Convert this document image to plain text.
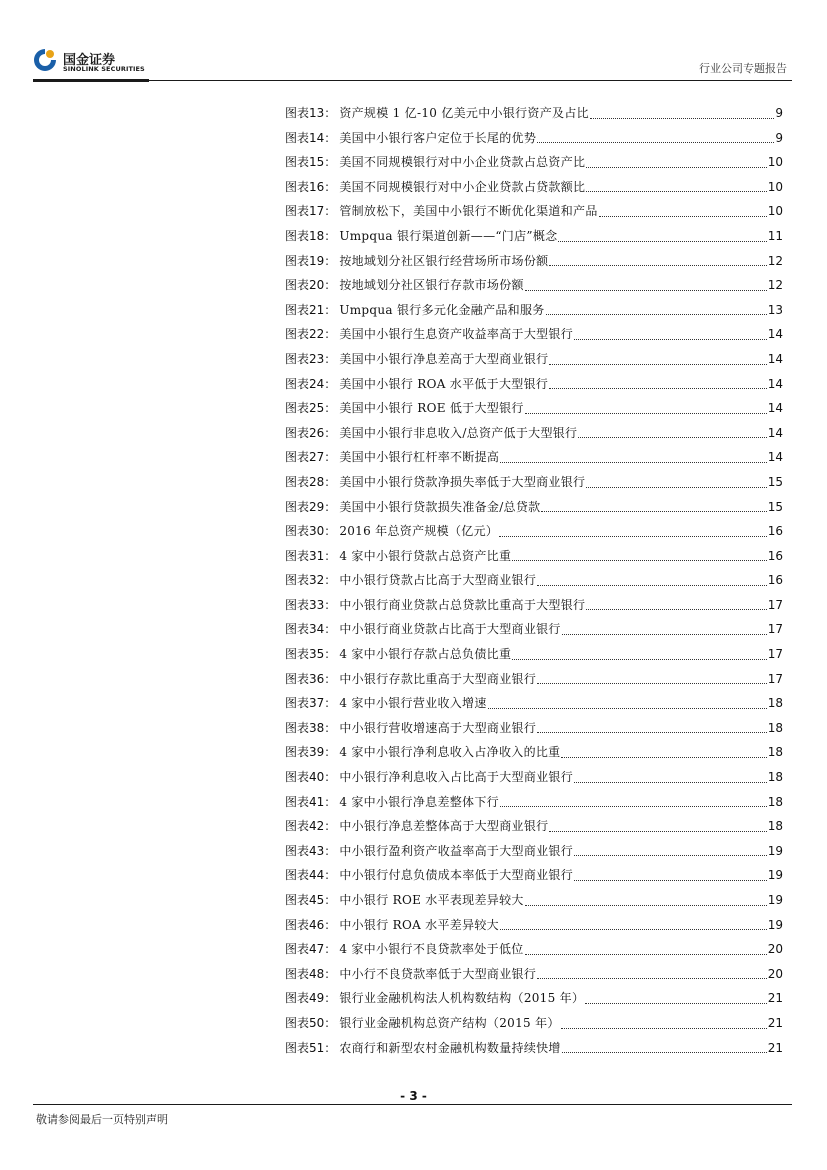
国金证券
SINOLINK SECURITIES	行业公司专题报告
图表 13 ： 资产规模 1 亿-10 亿美元中小银行资产及占比	9
图表 14 ： 美国中小银行客户定位于长尾的优势	9
图表 15 ： 美国不同规模银行对中小企业贷款占总资产比	10
图表 16 ： 美国不同规模银行对中小企业贷款占贷款额比	10
图表 17 ： 管制放松下，美国中小银行不断优化渠道和产品	10
图表 18 ： Umpqua 银行渠道创新——“门店”概念	11
图表 19 ： 按地域划分社区银行经营场所市场份额	12
图表 20 ： 按地域划分社区银行存款市场份额	12
图表 21 ： Umpqua 银行多元化金融产品和服务	13
图表 22 ： 美国中小银行生息资产收益率高于大型银行	14
图表 23 ： 美国中小银行净息差高于大型商业银行	14
图表 24 ： 美国中小银行 ROA 水平低于大型银行	14
图表 25 ： 美国中小银行 ROE 低于大型银行	14
图表 26 ： 美国中小银行非息收入/总资产低于大型银行	14
图表 27 ： 美国中小银行杠杆率不断提高	14
图表 28 ： 美国中小银行贷款净损失率低于大型商业银行	15
图表 29 ： 美国中小银行贷款损失准备金/总贷款	15
图表 30 ： 2016 年总资产规模（亿元）	16
图表 31 ： 4 家中小银行贷款占总资产比重	16
图表 32 ： 中小银行贷款占比高于大型商业银行	16
图表 33 ： 中小银行商业贷款占总贷款比重高于大型银行	17
图表 34 ： 中小银行商业贷款占比高于大型商业银行	17
图表 35 ： 4 家中小银行存款占总负债比重	17
图表 36 ： 中小银行存款比重高于大型商业银行	17
图表 37 ： 4 家中小银行营业收入增速	18
图表 38 ： 中小银行营收增速高于大型商业银行	18
图表 39 ： 4 家中小银行净利息收入占净收入的比重	18
图表 40 ： 中小银行净利息收入占比高于大型商业银行	18
图表 41 ： 4 家中小银行净息差整体下行	18
图表 42 ： 中小银行净息差整体高于大型商业银行	18
图表 43 ： 中小银行盈利资产收益率高于大型商业银行	19
图表 44 ： 中小银行付息负债成本率低于大型商业银行	19
图表 45 ： 中小银行 ROE 水平表现差异较大	19
图表 46 ： 中小银行 ROA 水平差异较大	19
图表 47 ： 4 家中小银行不良贷款率处于低位	20
图表 48 ： 中小行不良贷款率低于大型商业银行	20
图表 49 ： 银行业金融机构法人机构数结构（2015 年）	21
图表 50 ： 银行业金融机构总资产结构（2015 年）	21
图表 51 ： 农商行和新型农村金融机构数量持续快增	21
- 3 -
敬请参阅最后一页特别声明
